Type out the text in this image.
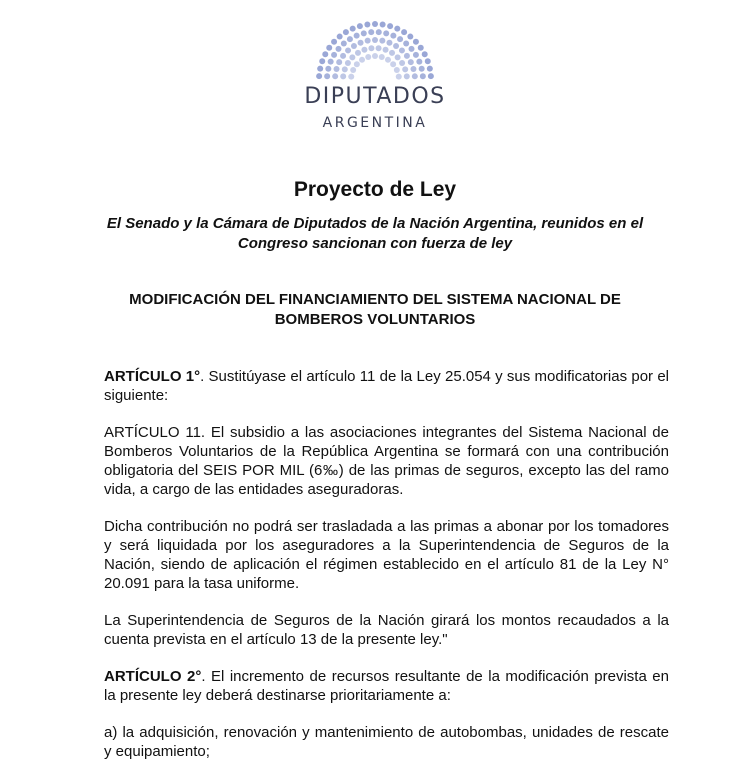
DIPUTADOS
ARGENTINA
Proyecto de Ley

El Senado y la Cámara de Diputados de la Nación Argentina, reunidos en el Congreso sancionan con fuerza de ley

MODIFICACIÓN DEL FINANCIAMIENTO DEL SISTEMA NACIONAL DE BOMBEROS VOLUNTARIOS

ARTÍCULO 1°. Sustitúyase el artículo 11 de la Ley 25.054 y sus modificatorias por el siguiente:

ARTÍCULO 11. El subsidio a las asociaciones integrantes del Sistema Nacional de Bomberos Voluntarios de la República Argentina se formará con una contribución obligatoria del SEIS POR MIL (6‰) de las primas de seguros, excepto las del ramo vida, a cargo de las entidades aseguradoras.

Dicha contribución no podrá ser trasladada a las primas a abonar por los tomadores y será liquidada por los aseguradores a la Superintendencia de Seguros de la Nación, siendo de aplicación el régimen establecido en el artículo 81 de la Ley N° 20.091 para la tasa uniforme.

La Superintendencia de Seguros de la Nación girará los montos recaudados a la cuenta prevista en el artículo 13 de la presente ley."

ARTÍCULO 2°. El incremento de recursos resultante de la modificación prevista en la presente ley deberá destinarse prioritariamente a:

a) la adquisición, renovación y mantenimiento de autobombas, unidades de rescate y equipamiento;
